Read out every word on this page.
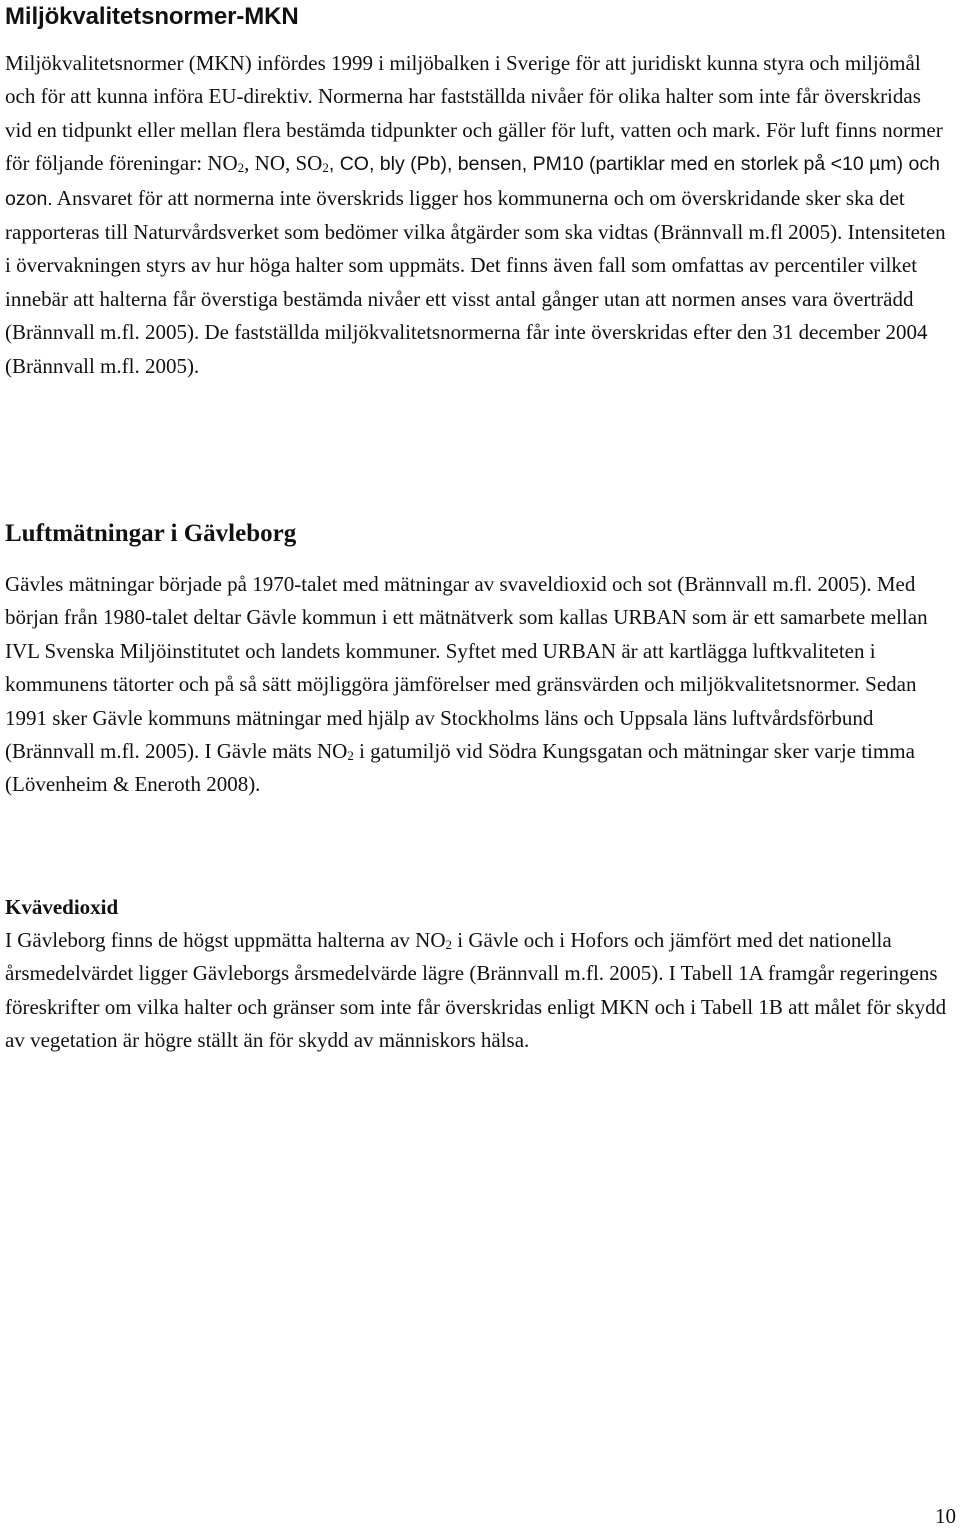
Miljökvalitetsnormer-MKN

Miljökvalitetsnormer (MKN) infördes 1999 i miljöbalken i Sverige för att juridiskt kunna styra och miljömål och för att kunna införa EU-direktiv. Normerna har fastställda nivåer för olika halter som inte får överskridas vid en tidpunkt eller mellan flera bestämda tidpunkter och gäller för luft, vatten och mark. För luft finns normer för följande föreningar: $NO_2$, NO, $SO_2$, CO, bly (Pb), bensen, PM10 (partiklar med en storlek på <10 µm) och ozon. Ansvaret för att normerna inte överskrids ligger hos kommunerna och om överskridande sker ska det rapporteras till Naturvårdsverket som bedömer vilka åtgärder som ska vidtas (Brännvall m.fl 2005). Intensiteten i övervakningen styrs av hur höga halter som uppmäts. Det finns även fall som omfattas av percentiler vilket innebär att halterna får överstiga bestämda nivåer ett visst antal gånger utan att normen anses vara överträdd (Brännvall m.fl. 2005). De fastställda miljökvalitetsnormerna får inte överskridas efter den 31 december 2004 (Brännvall m.fl. 2005).

Luftmätningar i Gävleborg

Gävles mätningar började på 1970-talet med mätningar av svaveldioxid och sot (Brännvall m.fl. 2005). Med början från 1980-talet deltar Gävle kommun i ett mätnätverk som kallas URBAN som är ett samarbete mellan IVL Svenska Miljöinstitutet och landets kommuner. Syftet med URBAN är att kartlägga luftkvaliteten i kommunens tätorter och på så sätt möjliggöra jämförelser med gränsvärden och miljökvalitetsnormer. Sedan 1991 sker Gävle kommuns mätningar med hjälp av Stockholms läns och Uppsala läns luftvårdsförbund (Brännvall m.fl. 2005). I Gävle mäts $NO_2$ i gatumiljö vid Södra Kungsgatan och mätningar sker varje timma (Lövenheim & Eneroth 2008).

Kvävedioxid

I Gävleborg finns de högst uppmätta halterna av $NO_2$ i Gävle och i Hofors och jämfört med det nationella årsmedelvärdet ligger Gävleborgs årsmedelvärde lägre (Brännvall m.fl. 2005). I Tabell 1A framgår regeringens föreskrifter om vilka halter och gränser som inte får överskridas enligt MKN och i Tabell 1B att målet för skydd av vegetation är högre ställt än för skydd av människors hälsa.

10
